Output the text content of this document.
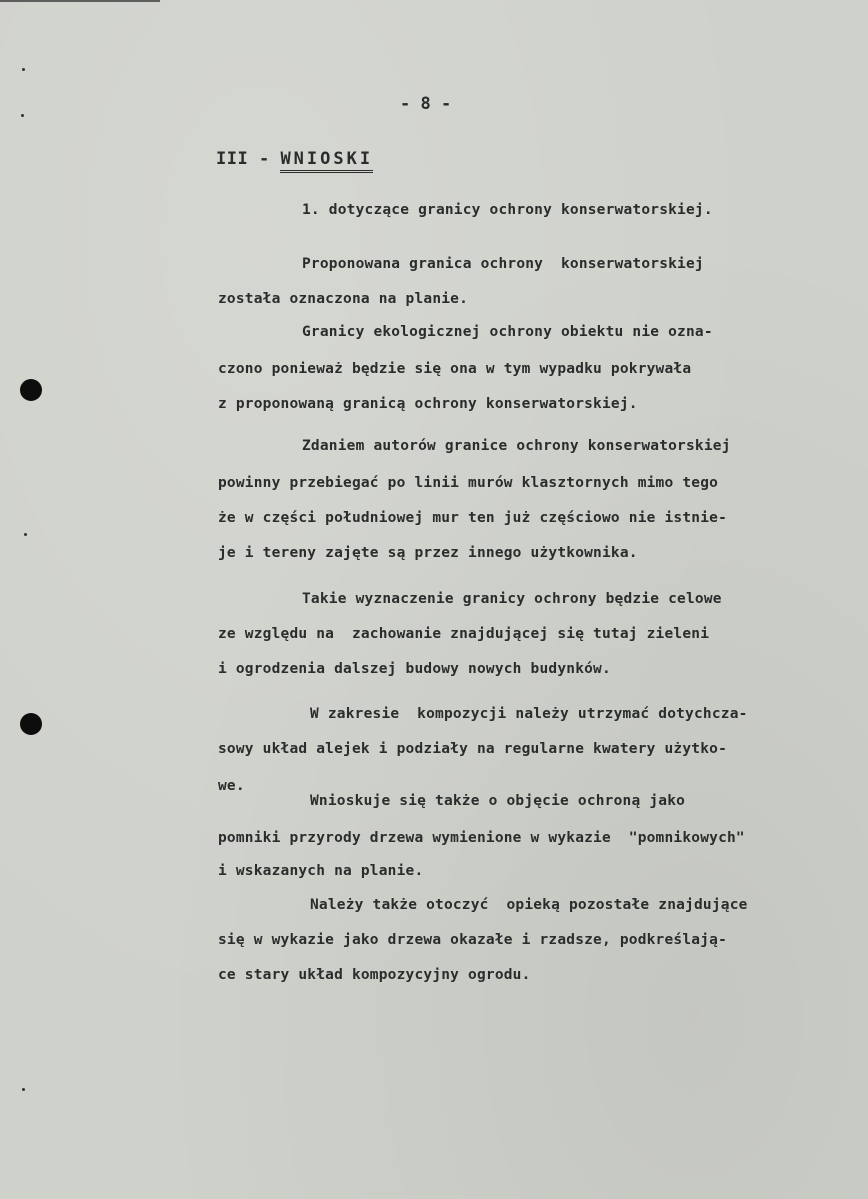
- 8 -
III - WNIOSKI
1. dotyczące granicy ochrony konserwatorskiej.
Proponowana granica ochrony  konserwatorskiej
została oznaczona na planie.
Granicy ekologicznej ochrony obiektu nie ozna-
czono ponieważ będzie się ona w tym wypadku pokrywała
z proponowaną granicą ochrony konserwatorskiej.
Zdaniem autorów granice ochrony konserwatorskiej
powinny przebiegać po linii murów klasztornych mimo tego
że w części południowej mur ten już częściowo nie istnie-
je i tereny zajęte są przez innego użytkownika.
Takie wyznaczenie granicy ochrony będzie celowe
ze względu na  zachowanie znajdującej się tutaj zieleni
i ogrodzenia dalszej budowy nowych budynków.
W zakresie  kompozycji należy utrzymać dotychcza-
sowy układ alejek i podziały na regularne kwatery użytko-
we.
Wnioskuje się także o objęcie ochroną jako
pomniki przyrody drzewa wymienione w wykazie  "pomnikowych"
i wskazanych na planie.
Należy także otoczyć  opieką pozostałe znajdujące
się w wykazie jako drzewa okazałe i rzadsze, podkreślają-
ce stary układ kompozycyjny ogrodu.
